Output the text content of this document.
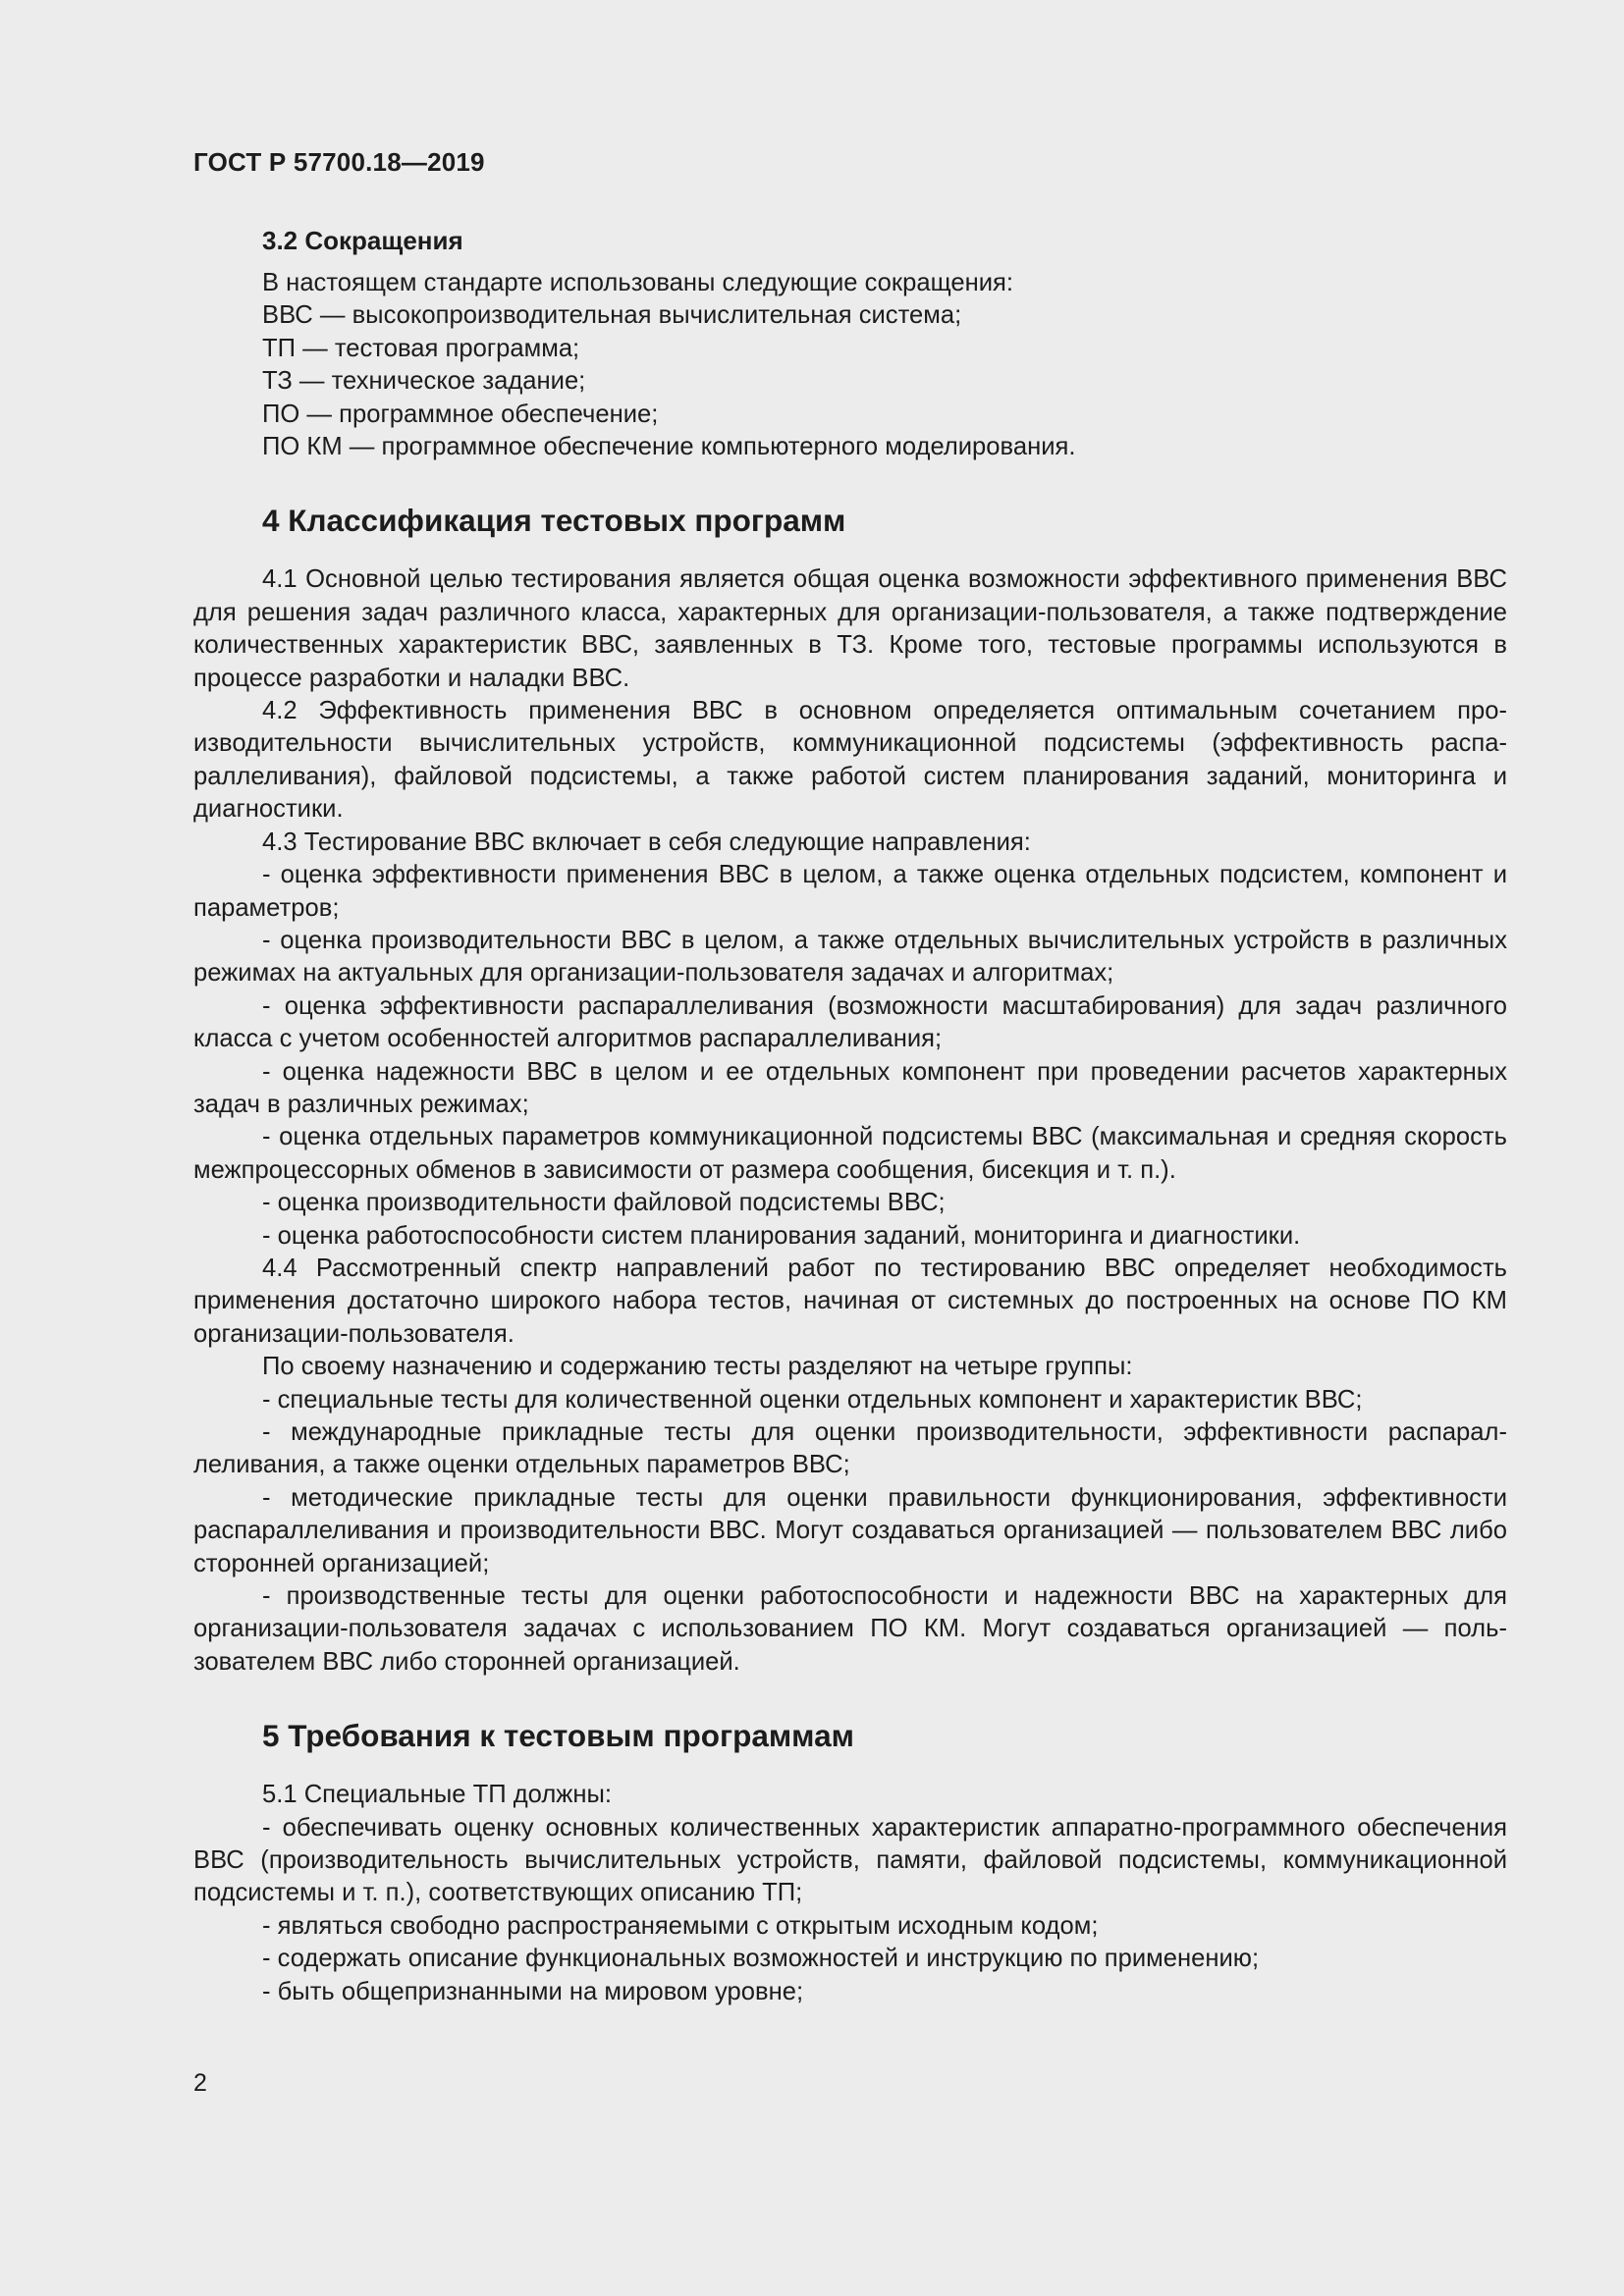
ГОСТ Р 57700.18—2019
3.2 Сокращения

В настоящем стандарте использованы следующие сокращения:

ВВС — высокопроизводительная вычислительная система;

ТП — тестовая программа;

ТЗ — техническое задание;

ПО — программное обеспечение;

ПО КМ — программное обеспечение компьютерного моделирования.

4 Классификация тестовых программ

4.1 Основной целью тестирования является общая оценка возможности эффективного применения ВВС для решения задач различного класса, характерных для организации-пользователя, а также подтверждение количественных характеристик ВВС, заявленных в ТЗ. Кроме того, тестовые программы используются в процессе разработки и наладки ВВС.

4.2 Эффективность применения ВВС в основном определяется оптимальным сочетанием производительности вычислительных устройств, коммуникационной подсистемы (эффективность распараллеливания), файловой подсистемы, а также работой систем планирования заданий, мониторинга и диагностики.

4.3 Тестирование ВВС включает в себя следующие направления:

- оценка эффективности применения ВВС в целом, а также оценка отдельных подсистем, компонент и параметров;

- оценка производительности ВВС в целом, а также отдельных вычислительных устройств в различных режимах на актуальных для организации-пользователя задачах и алгоритмах;

- оценка эффективности распараллеливания (возможности масштабирования) для задач различного класса с учетом особенностей алгоритмов распараллеливания;

- оценка надежности ВВС в целом и ее отдельных компонент при проведении расчетов характерных задач в различных режимах;

- оценка отдельных параметров коммуникационной подсистемы ВВС (максимальная и средняя скорость межпроцессорных обменов в зависимости от размера сообщения, бисекция и т. п.).

- оценка производительности файловой подсистемы ВВС;

- оценка работоспособности систем планирования заданий, мониторинга и диагностики.

4.4 Рассмотренный спектр направлений работ по тестированию ВВС определяет необходимость применения достаточно широкого набора тестов, начиная от системных до построенных на основе ПО КМ организации-пользователя.

По своему назначению и содержанию тесты разделяют на четыре группы:

- специальные тесты для количественной оценки отдельных компонент и характеристик ВВС;

- международные прикладные тесты для оценки производительности, эффективности распараллеливания, а также оценки отдельных параметров ВВС;

- методические прикладные тесты для оценки правильности функционирования, эффективности распараллеливания и производительности ВВС. Могут создаваться организацией — пользователем ВВС либо сторонней организацией;

- производственные тесты для оценки работоспособности и надежности ВВС на характерных для организации-пользователя задачах с использованием ПО КМ. Могут создаваться организацией — пользователем ВВС либо сторонней организацией.

5 Требования к тестовым программам

5.1 Специальные ТП должны:

- обеспечивать оценку основных количественных характеристик аппаратно-программного обеспечения ВВС (производительность вычислительных устройств, памяти, файловой подсистемы, коммуникационной подсистемы и т. п.), соответствующих описанию ТП;

- являться свободно распространяемыми с открытым исходным кодом;

- содержать описание функциональных возможностей и инструкцию по применению;

- быть общепризнанными на мировом уровне;

2
